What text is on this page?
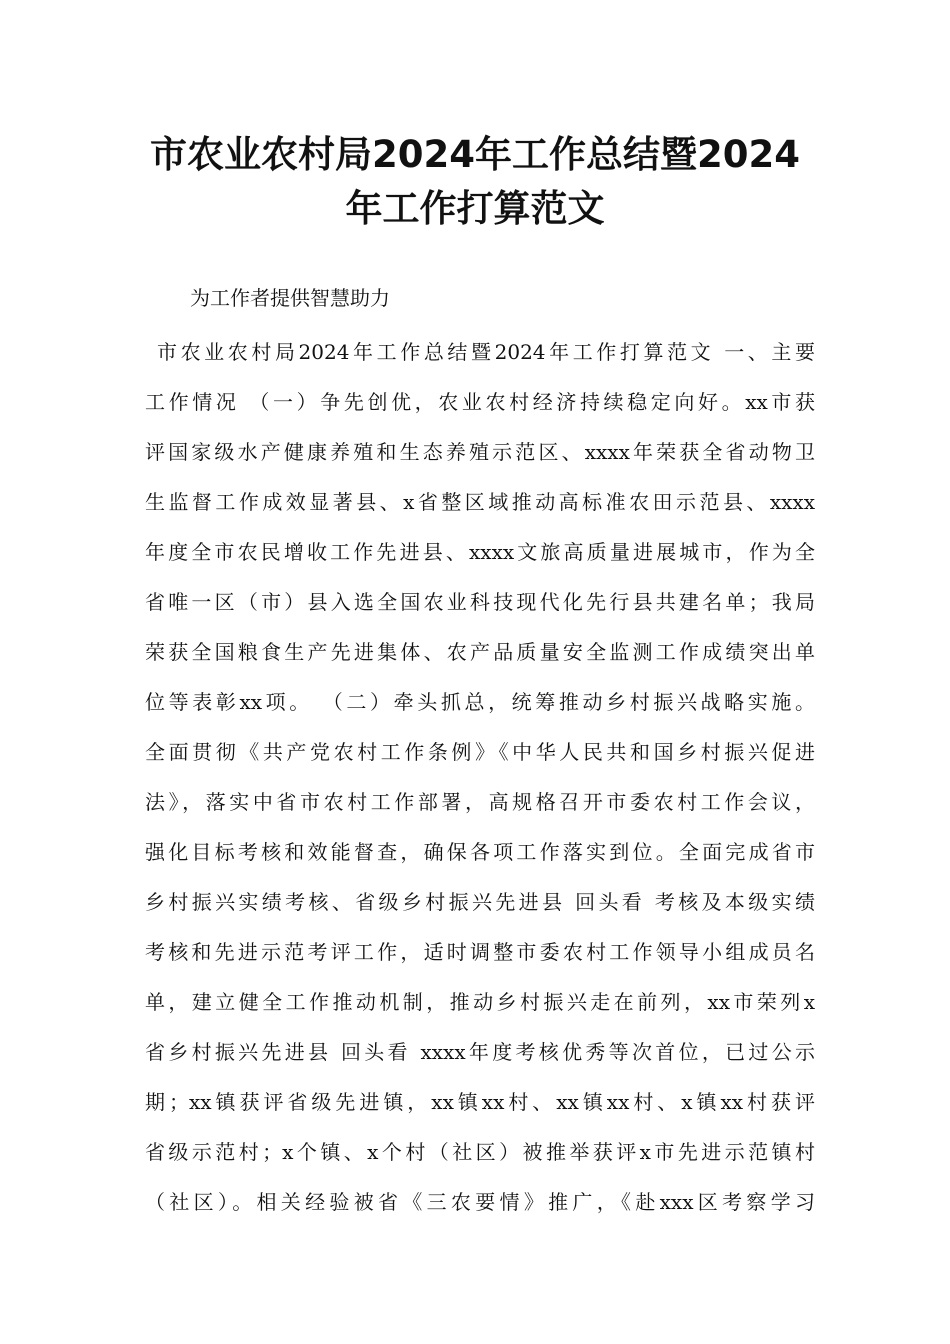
市农业农村局2024年工作总结暨2024
年工作打算范文
为工作者提供智慧助力
市农业农村局2024年工作总结暨2024年工作打算范文 一、主要
工作情况 （一）争先创优，农业农村经济持续稳定向好。xx市获
评国家级水产健康养殖和生态养殖示范区、xxxx年荣获全省动物卫
生监督工作成效显著县、x省整区域推动高标准农田示范县、xxxx
年度全市农民增收工作先进县、xxxx文旅高质量进展城市，作为全
省唯一区（市）县入选全国农业科技现代化先行县共建名单；我局
荣获全国粮食生产先进集体、农产品质量安全监测工作成绩突出单
位等表彰xx项。 （二）牵头抓总，统筹推动乡村振兴战略实施。
全面贯彻《共产党农村工作条例》《中华人民共和国乡村振兴促进
法》，落实中省市农村工作部署，高规格召开市委农村工作会议，
强化目标考核和效能督查，确保各项工作落实到位。全面完成省市
乡村振兴实绩考核、省级乡村振兴先进县 回头看 考核及本级实绩
考核和先进示范考评工作，适时调整市委农村工作领导小组成员名
单，建立健全工作推动机制，推动乡村振兴走在前列，xx市荣列x
省乡村振兴先进县 回头看 xxxx年度考核优秀等次首位，已过公示
期；xx镇获评省级先进镇，xx镇xx村、xx镇xx村、x镇xx村获评
省级示范村；x个镇、x个村（社区）被推举获评x市先进示范镇村
（社区）。相关经验被省《三农要情》推广，《赴xxx区考察学习
